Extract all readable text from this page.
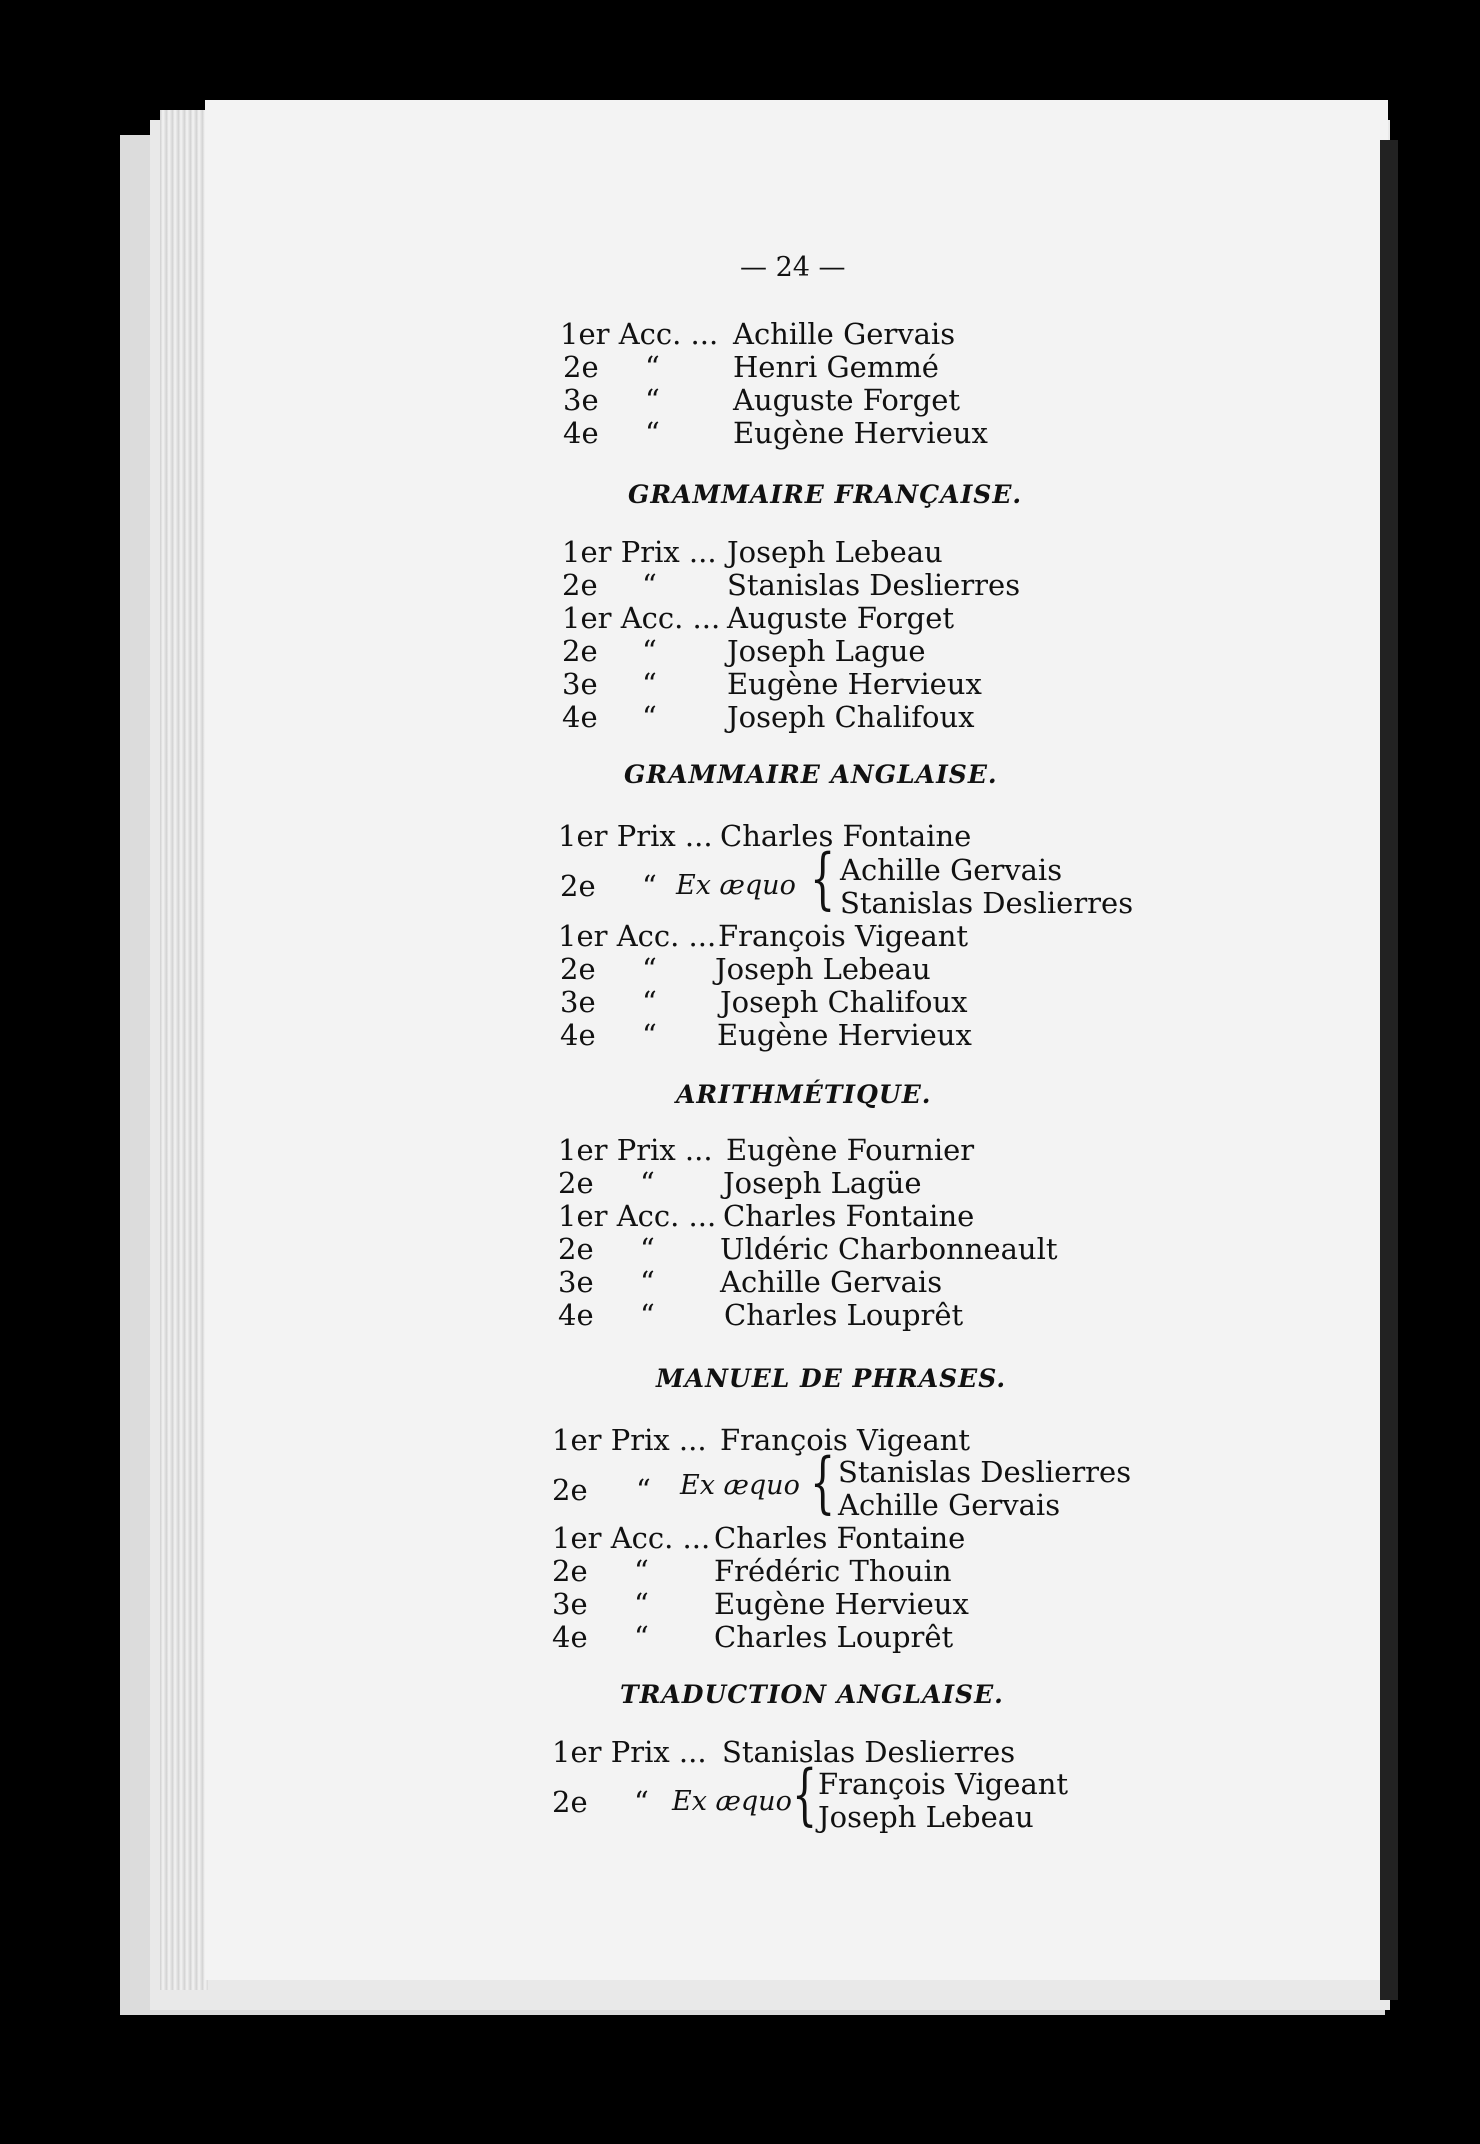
— 24 —
1er Acc. ... Achille Gervais
2e “	Henri Gemmé
3e “	Auguste Forget
4e “	Eugène Hervieux
GRAMMAIRE FRANÇAISE.
1er Prix ... Joseph Lebeau
2e “ Stanislas Deslierres
1er Acc. ... Auguste Forget
2e “ Joseph Lague
3e “ Eugène Hervieux
4e “ Joseph Chalifoux
GRAMMAIRE ANGLAISE.
1er Prix ... Charles Fontaine
2e “ Ex æquo { Achille Gervais
Stanislas Deslierres
1er Acc. ... François Vigeant
2e “ Joseph Lebeau
3e “ Joseph Chalifoux
4e “ Eugène Hervieux
ARITHMÉTIQUE.
1er Prix ... Eugène Fournier
2e “ Joseph Lagüe
1er Acc. ... Charles Fontaine
2e “ Uldéric Charbonneault
3e “ Achille Gervais
4e “ Charles Louprêt
MANUEL DE PHRASES.
1er Prix ... François Vigeant
2e “ Ex æquo { Stanislas Deslierres
Achille Gervais
1er Acc. ... Charles Fontaine
2e “ Frédéric Thouin
3e “ Eugène Hervieux
4e “ Charles Louprêt
TRADUCTION ANGLAISE.
1er Prix ... Stanislas Deslierres
2e “ Ex æquo { François Vigeant
Joseph Lebeau
